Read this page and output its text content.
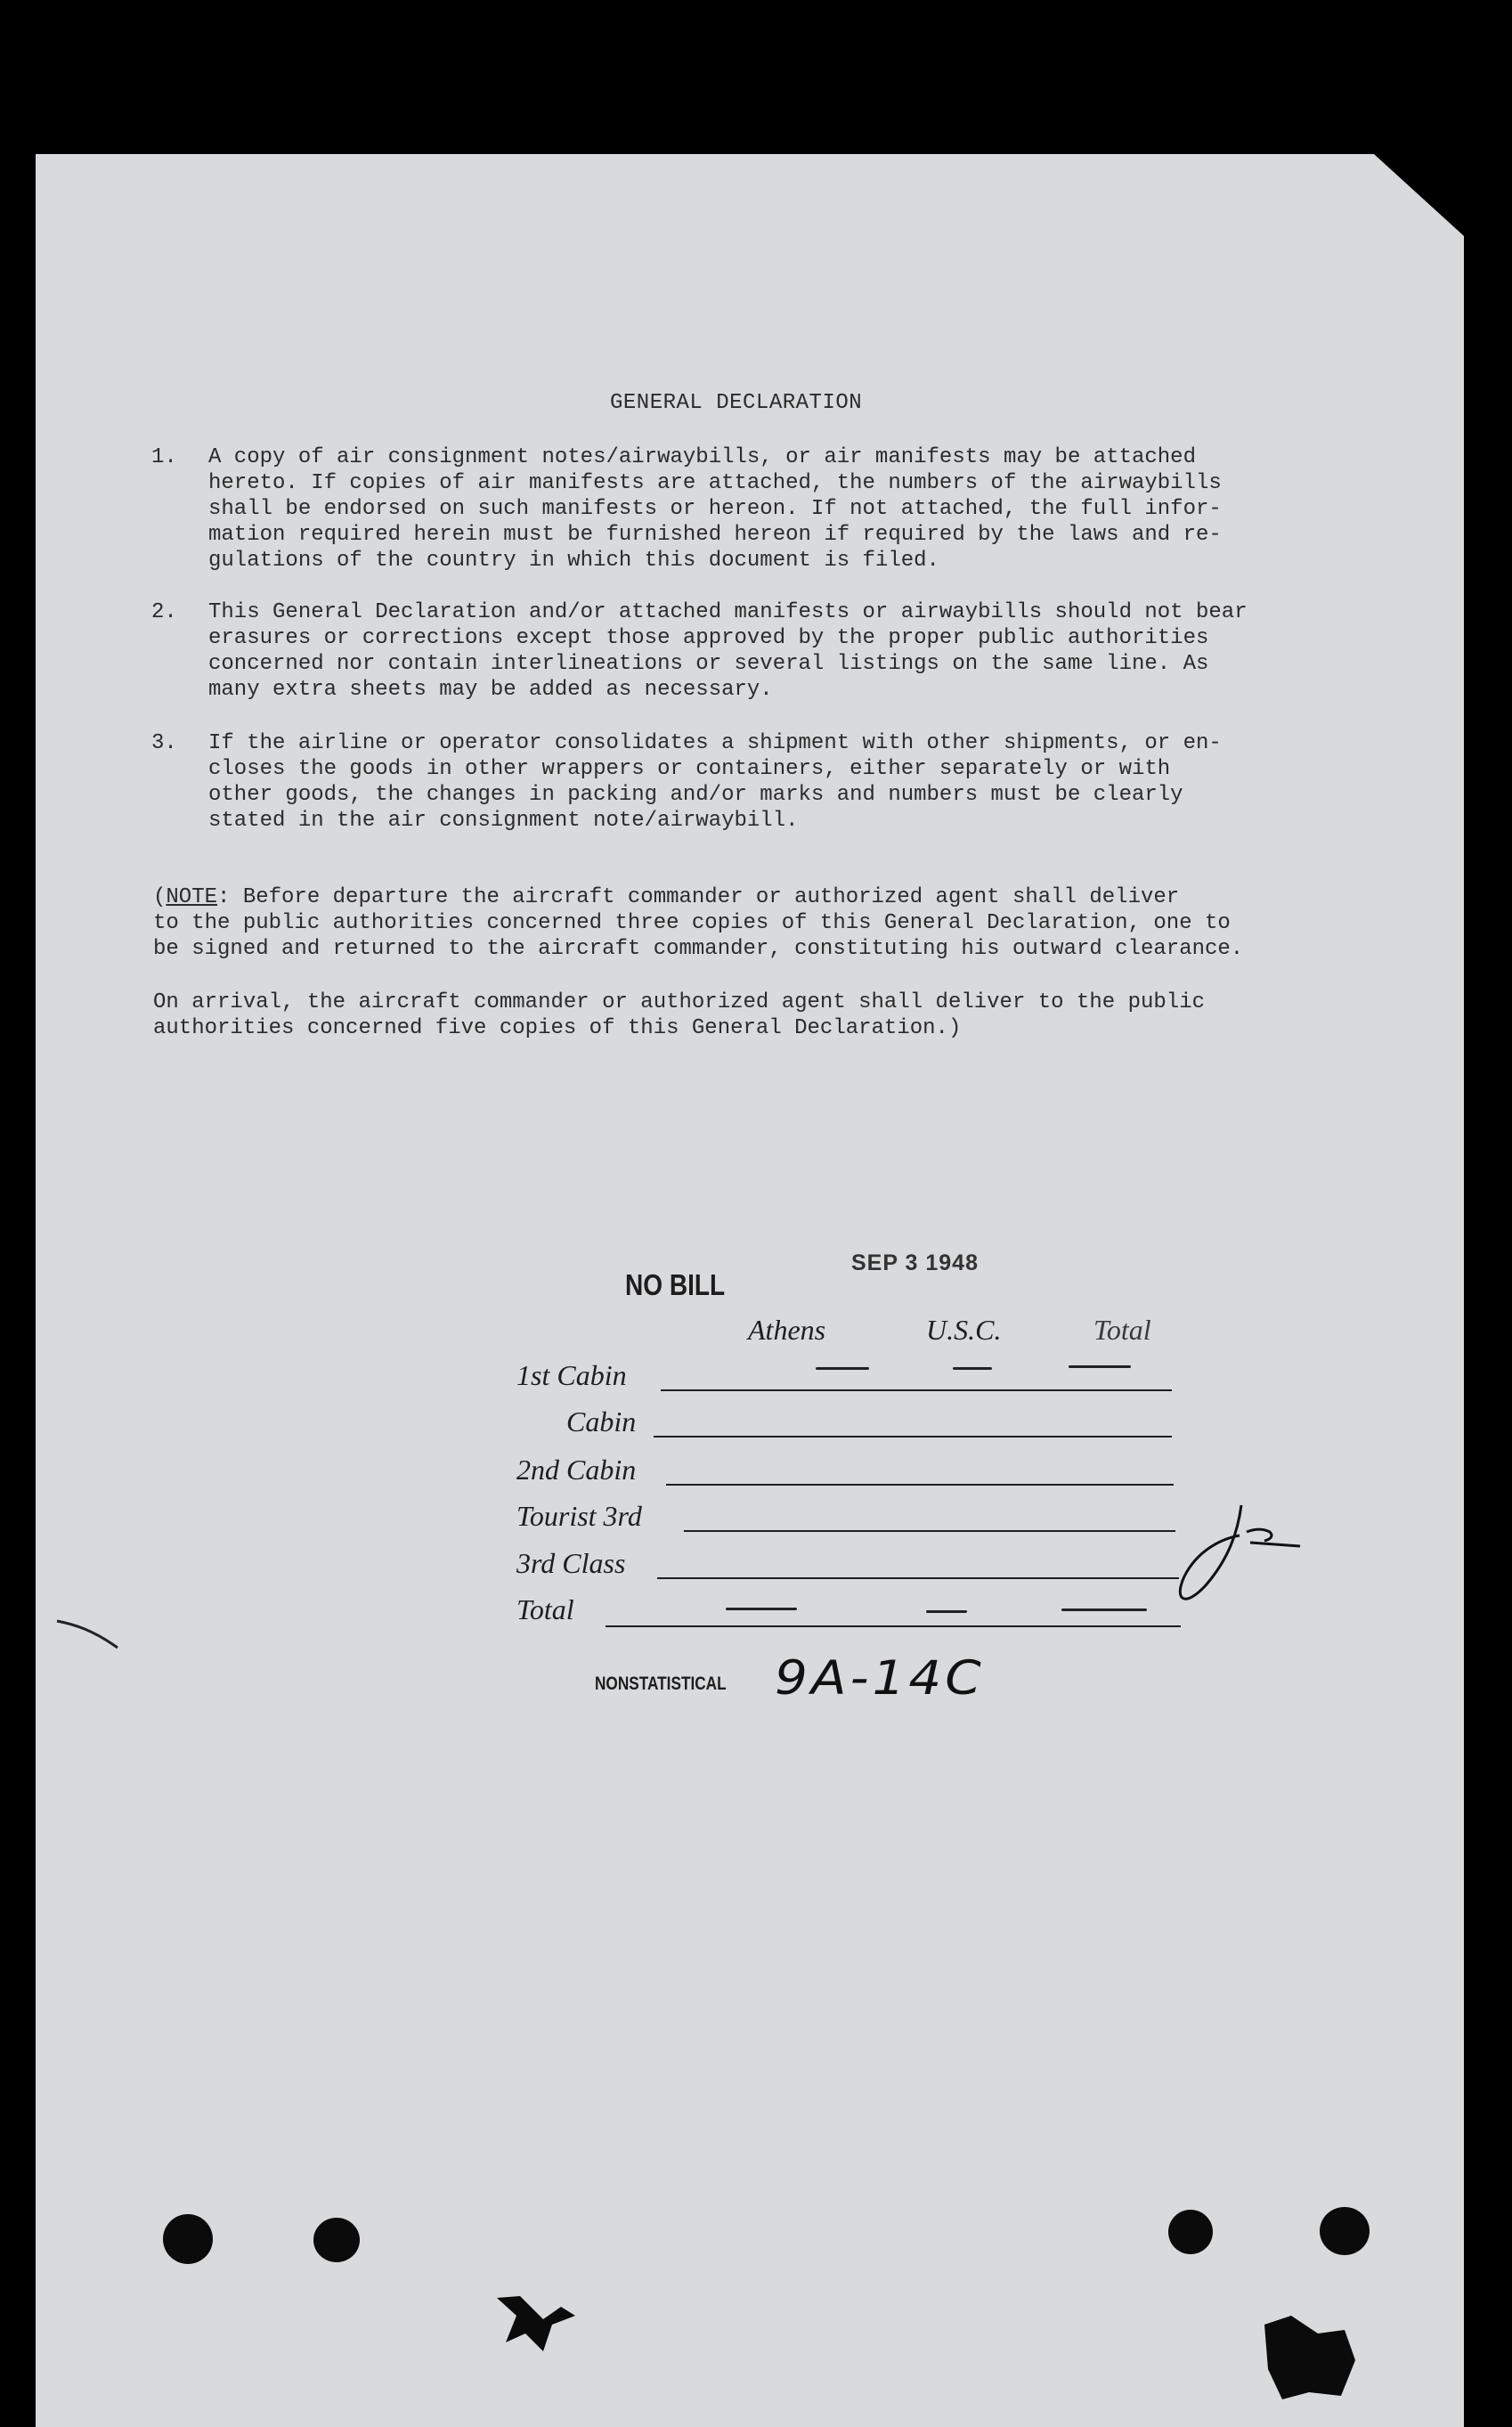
GENERAL DECLARATION
1. A copy of air consignment notes/airwaybills, or air manifests may be attached
hereto. If copies of air manifests are attached, the numbers of the airwaybills
shall be endorsed on such manifests or hereon. If not attached, the full infor-
mation required herein must be furnished hereon if required by the laws and re-
gulations of the country in which this document is filed.
2. This General Declaration and/or attached manifests or airwaybills should not bear
erasures or corrections except those approved by the proper public authorities
concerned nor contain interlineations or several listings on the same line. As
many extra sheets may be added as necessary.
3. If the airline or operator consolidates a shipment with other shipments, or en-
closes the goods in other wrappers or containers, either separately or with
other goods, the changes in packing and/or marks and numbers must be clearly
stated in the air consignment note/airwaybill.
(NOTE: Before departure the aircraft commander or authorized agent shall deliver
to the public authorities concerned three copies of this General Declaration, one to
be signed and returned to the aircraft commander, constituting his outward clearance.
On arrival, the aircraft commander or authorized agent shall deliver to the public
authorities concerned five copies of this General Declaration.)
NO BILL
SEP 3 1948
Athens	U.S.C.	Total
1st Cabin
Cabin
2nd Cabin
Tourist 3rd
3rd Class
Total
NONSTATISTICAL 9A-14C
